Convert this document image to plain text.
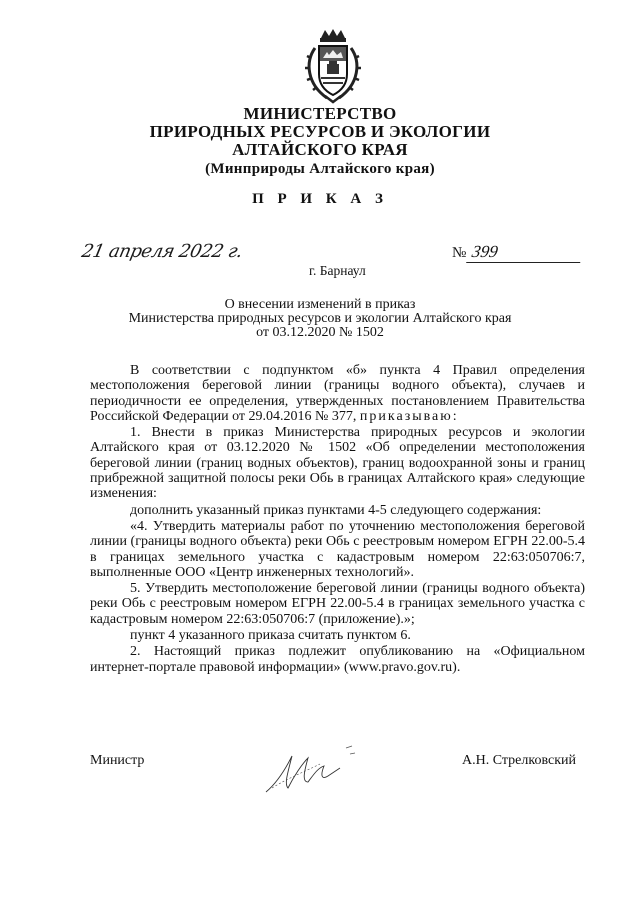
МИНИСТЕРСТВО
ПРИРОДНЫХ РЕСУРСОВ И ЭКОЛОГИИ
АЛТАЙСКОГО КРАЯ
(Минприроды Алтайского края)
П Р И К А З
21 апреля 2022 г.	№ 399
г. Барнаул
О внесении изменений в приказ
Министерства природных ресурсов и экологии Алтайского края
от 03.12.2020 № 1502

В соответствии с подпунктом «б» пункта 4 Правил определения местоположения береговой линии (границы водного объекта), случаев и периодичности ее определения, утвержденных постановлением Правительства Российской Федерации от 29.04.2016 № 377, приказываю:

1. Внести в приказ Министерства природных ресурсов и экологии Алтайского края от 03.12.2020 № 1502 «Об определении местоположения береговой линии (границ водных объектов), границ водоохранной зоны и границ прибрежной защитной полосы реки Обь в границах Алтайского края» следующие изменения:

дополнить указанный приказ пунктами 4-5 следующего содержания:

«4. Утвердить материалы работ по уточнению местоположения береговой линии (границы водного объекта) реки Обь с реестровым номером ЕГРН 22.00-5.4 в границах земельного участка с кадастровым номером 22:63:050706:7, выполненные ООО «Центр инженерных технологий».

5. Утвердить местоположение береговой линии (границы водного объекта) реки Обь с реестровым номером ЕГРН 22.00-5.4 в границах земельного участка с кадастровым номером 22:63:050706:7 (приложение).»;

пункт 4 указанного приказа считать пунктом 6.

2. Настоящий приказ подлежит опубликованию на «Официальном интернет-портале правовой информации» (www.pravo.gov.ru).

Министр	А.Н. Стрелковский
